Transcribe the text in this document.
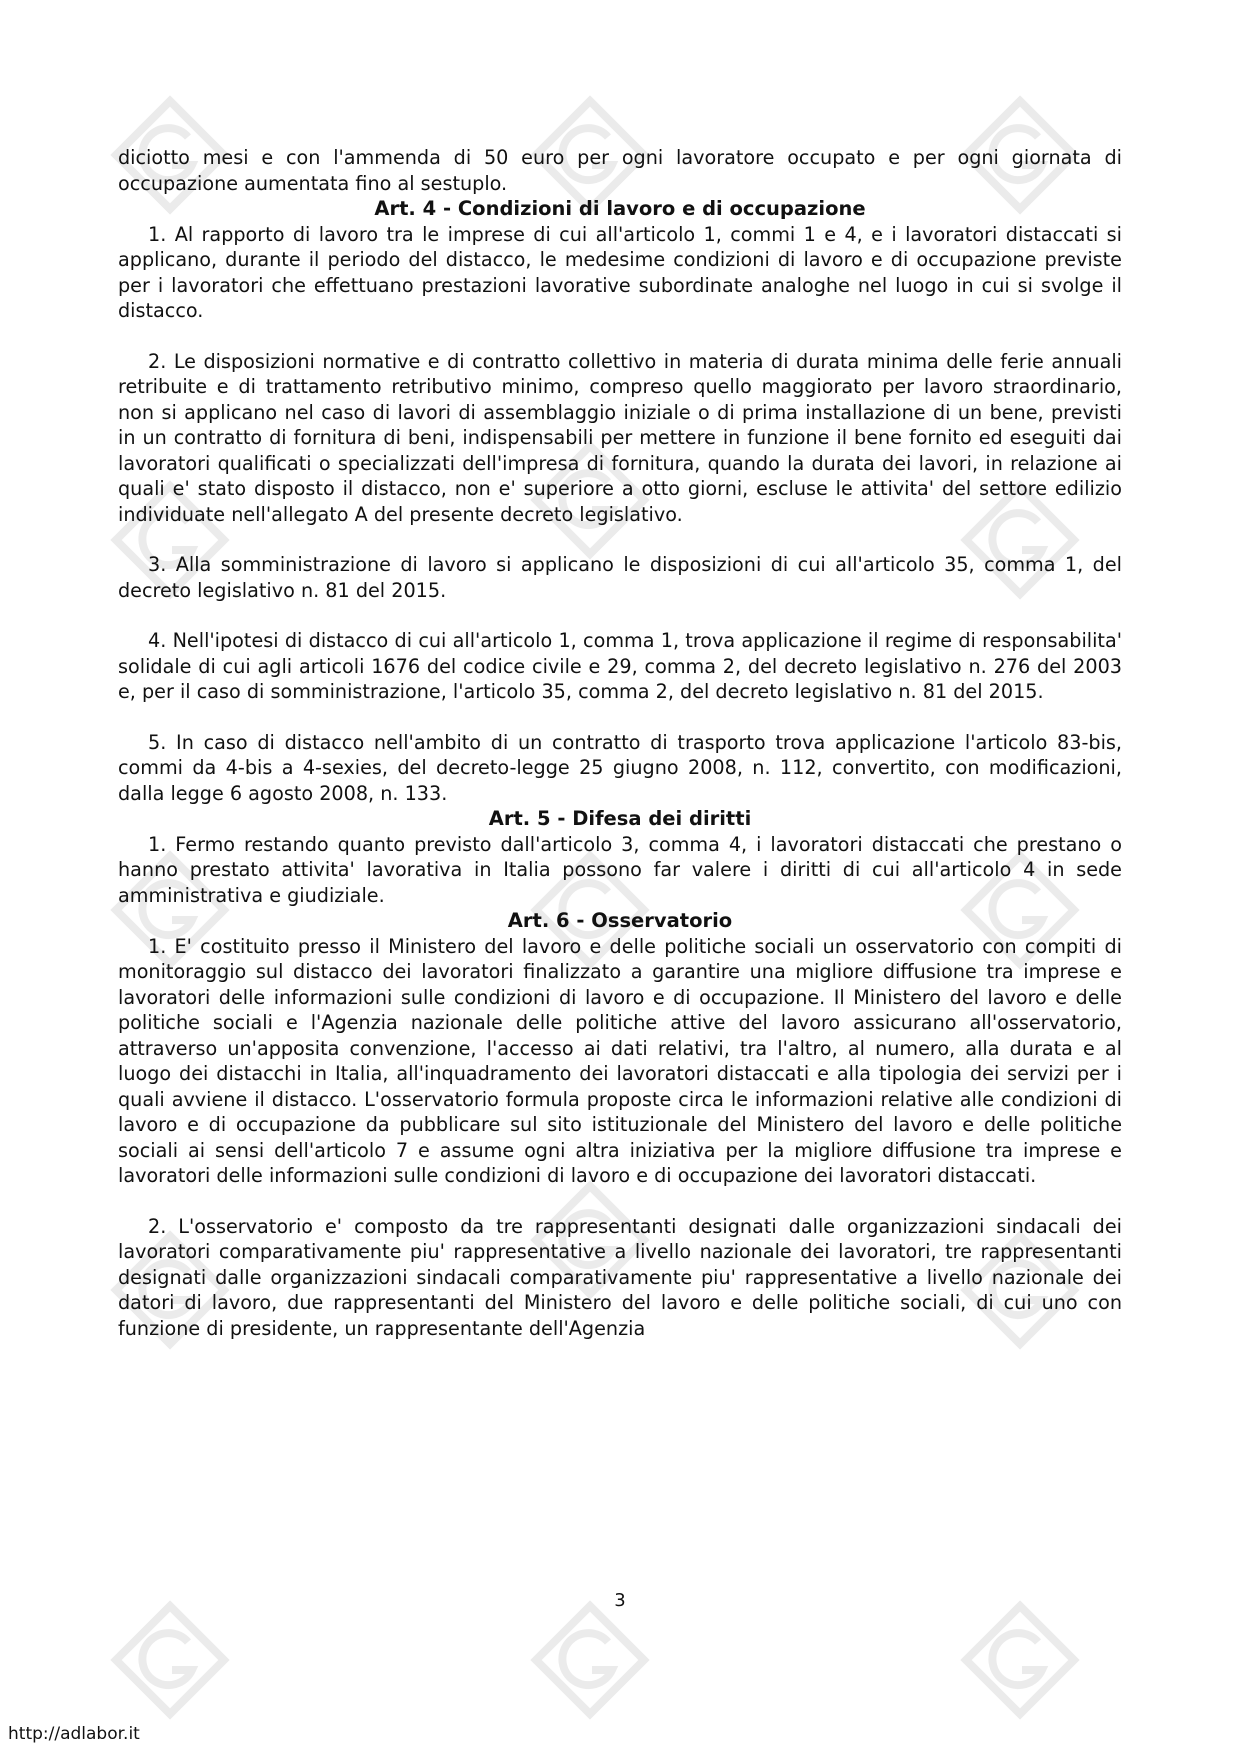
diciotto mesi e con l'ammenda di 50 euro per ogni lavoratore occupato e per ogni giornata di occupazione aumentata fino al sestuplo.

Art. 4 - Condizioni di lavoro e di occupazione

1. Al rapporto di lavoro tra le imprese di cui all'articolo 1, commi 1 e 4, e i lavoratori distaccati si applicano, durante il periodo del distacco, le medesime condizioni di lavoro e di occupazione previste per i lavoratori che effettuano prestazioni lavorative subordinate analoghe nel luogo in cui si svolge il distacco.

2. Le disposizioni normative e di contratto collettivo in materia di durata minima delle ferie annuali retribuite e di trattamento retributivo minimo, compreso quello maggiorato per lavoro straordinario, non si applicano nel caso di lavori di assemblaggio iniziale o di prima installazione di un bene, previsti in un contratto di fornitura di beni, indispensabili per mettere in funzione il bene fornito ed eseguiti dai lavoratori qualificati o specializzati dell'impresa di fornitura, quando la durata dei lavori, in relazione ai quali e' stato disposto il distacco, non e' superiore a otto giorni, escluse le attivita' del settore edilizio individuate nell'allegato A del presente decreto legislativo.

3. Alla somministrazione di lavoro si applicano le disposizioni di cui all'articolo 35, comma 1, del decreto legislativo n. 81 del 2015.

4. Nell'ipotesi di distacco di cui all'articolo 1, comma 1, trova applicazione il regime di responsabilita' solidale di cui agli articoli 1676 del codice civile e 29, comma 2, del decreto legislativo n. 276 del 2003 e, per il caso di somministrazione, l'articolo 35, comma 2, del decreto legislativo n. 81 del 2015.

5. In caso di distacco nell'ambito di un contratto di trasporto trova applicazione l'articolo 83-bis, commi da 4-bis a 4-sexies, del decreto-legge 25 giugno 2008, n. 112, convertito, con modificazioni, dalla legge 6 agosto 2008, n. 133.

Art. 5 - Difesa dei diritti

1. Fermo restando quanto previsto dall'articolo 3, comma 4, i lavoratori distaccati che prestano o hanno prestato attivita' lavorativa in Italia possono far valere i diritti di cui all'articolo 4 in sede amministrativa e giudiziale.

Art. 6 - Osservatorio

1. E' costituito presso il Ministero del lavoro e delle politiche sociali un osservatorio con compiti di monitoraggio sul distacco dei lavoratori finalizzato a garantire una migliore diffusione tra imprese e lavoratori delle informazioni sulle condizioni di lavoro e di occupazione. Il Ministero del lavoro e delle politiche sociali e l'Agenzia nazionale delle politiche attive del lavoro assicurano all'osservatorio, attraverso un'apposita convenzione, l'accesso ai dati relativi, tra l'altro, al numero, alla durata e al luogo dei distacchi in Italia, all'inquadramento dei lavoratori distaccati e alla tipologia dei servizi per i quali avviene il distacco. L'osservatorio formula proposte circa le informazioni relative alle condizioni di lavoro e di occupazione da pubblicare sul sito istituzionale del Ministero del lavoro e delle politiche sociali ai sensi dell'articolo 7 e assume ogni altra iniziativa per la migliore diffusione tra imprese e lavoratori delle informazioni sulle condizioni di lavoro e di occupazione dei lavoratori distaccati.

2. L'osservatorio e' composto da tre rappresentanti designati dalle organizzazioni sindacali dei lavoratori comparativamente piu' rappresentative a livello nazionale dei lavoratori, tre rappresentanti designati dalle organizzazioni sindacali comparativamente piu' rappresentative a livello nazionale dei datori di lavoro, due rappresentanti del Ministero del lavoro e delle politiche sociali, di cui uno con funzione di presidente, un rappresentante dell'Agenzia

3
http://adlabor.it
